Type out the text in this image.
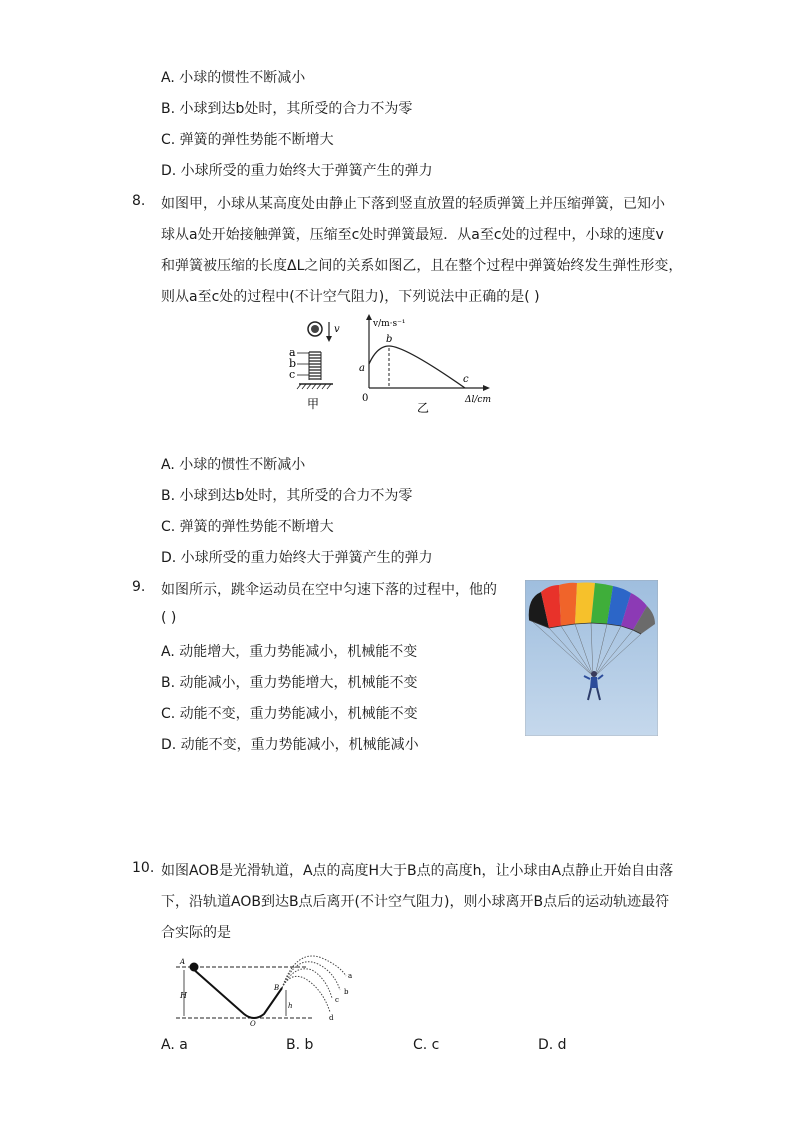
A. 小球的惯性不断减小
B. 小球到达b处时，其所受的合力不为零
C. 弹簧的弹性势能不断增大
D. 小球所受的重力始终大于弹簧产生的弹力
8. 如图甲，小球从某高度处由静止下落到竖直放置的轻质弹簧上并压缩弹簧，已知小
球从a处开始接触弹簧，压缩至c处时弹簧最短．从a至c处的过程中，小球的速度v
和弹簧被压缩的长度ΔL之间的关系如图乙，且在整个过程中弹簧始终发生弹性形变，
则从a至c处的过程中(不计空气阻力)，下列说法中正确的是( )
v
a
b
c
甲
v/m·s⁻¹
Δl/cm
0
a
b
c
乙
A. 小球的惯性不断减小
B. 小球到达b处时，其所受的合力不为零
C. 弹簧的弹性势能不断增大
D. 小球所受的重力始终大于弹簧产生的弹力
9. 如图所示，跳伞运动员在空中匀速下落的过程中，他的
( )
A. 动能增大，重力势能减小，机械能不变
B. 动能减小，重力势能增大，机械能不变
C. 动能不变，重力势能减小，机械能不变
D. 动能不变，重力势能减小，机械能减小
10. 如图AOB是光滑轨道，A点的高度H大于B点的高度h，让小球由A点静止开始自由落
下，沿轨道AOB到达B点后离开(不计空气阻力)，则小球离开B点后的运动轨迹最符
合实际的是
H
h
A
B
O
a
b
c
d
A. a	B. b	C. c	D. d
